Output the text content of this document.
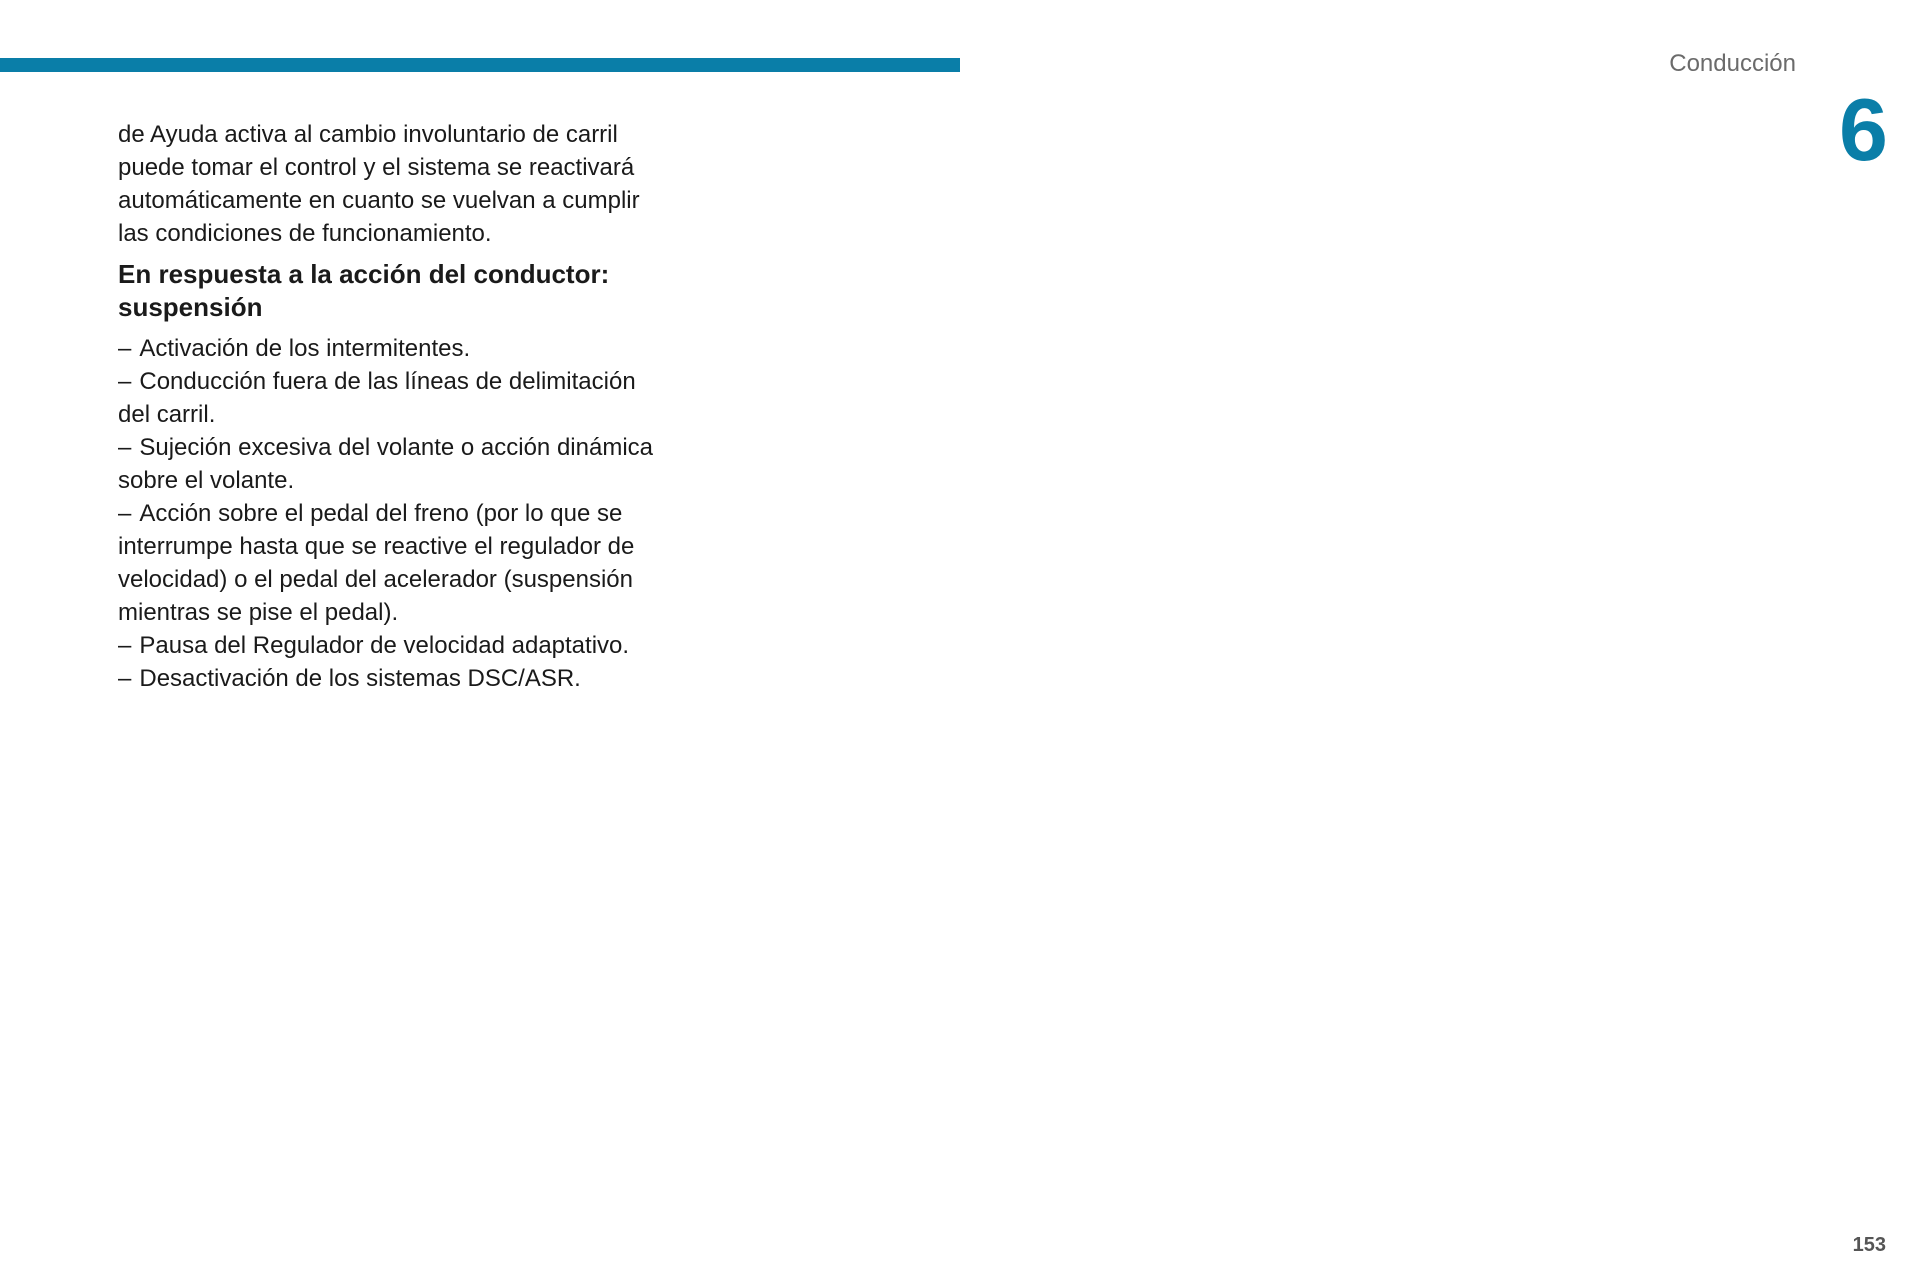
Conducción
6

de Ayuda activa al cambio involuntario de carril puede tomar el control y el sistema se reactivará automáticamente en cuanto se vuelvan a cumplir las condiciones de funcionamiento.

En respuesta a la acción del conductor: suspensión

– Activación de los intermitentes.
– Conducción fuera de las líneas de delimitación del carril.
– Sujeción excesiva del volante o acción dinámica sobre el volante.
– Acción sobre el pedal del freno (por lo que se interrumpe hasta que se reactive el regulador de velocidad) o el pedal del acelerador (suspensión mientras se pise el pedal).
– Pausa del Regulador de velocidad adaptativo.
– Desactivación de los sistemas DSC/ASR.
153
